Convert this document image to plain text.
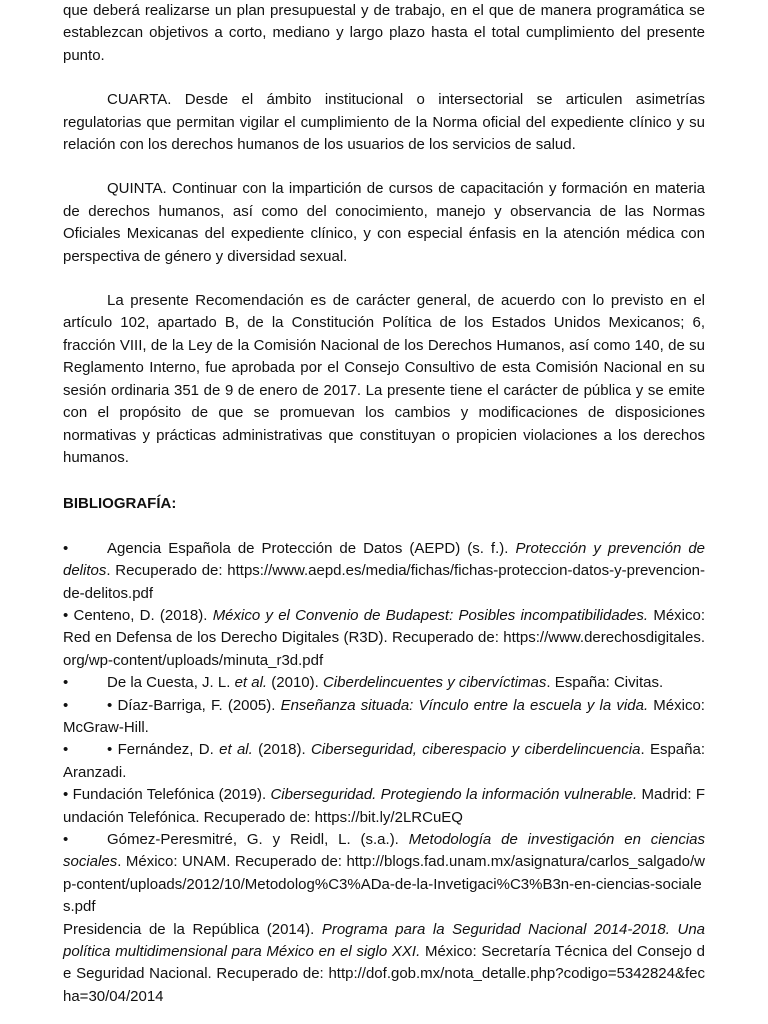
que deberá realizarse un plan presupuestal y de trabajo, en el que de manera programática se establezcan objetivos a corto, mediano y largo plazo hasta el total cumplimiento del presente punto.

CUARTA. Desde el ámbito institucional o intersectorial se articulen asimetrías regulatorias que permitan vigilar el cumplimiento de la Norma oficial del expediente clínico y su relación con los derechos humanos de los usuarios de los servicios de salud.

QUINTA. Continuar con la impartición de cursos de capacitación y formación en materia de derechos humanos, así como del conocimiento, manejo y observancia de las Normas Oficiales Mexicanas del expediente clínico, y con especial énfasis en la atención médica con perspectiva de género y diversidad sexual.

La presente Recomendación es de carácter general, de acuerdo con lo previsto en el artículo 102, apartado B, de la Constitución Política de los Estados Unidos Mexicanos; 6, fracción VIII, de la Ley de la Comisión Nacional de los Derechos Humanos, así como 140, de su Reglamento Interno, fue aprobada por el Consejo Consultivo de esta Comisión Nacional en su sesión ordinaria 351 de 9 de enero de 2017. La presente tiene el carácter de pública y se emite con el propósito de que se promuevan los cambios y modificaciones de disposiciones normativas y prácticas administrativas que constituyan o propicien violaciones a los derechos humanos.

BIBLIOGRAFÍA:

•	Agencia Española de Protección de Datos (AEPD) (s. f.). Protección y prevención de delitos. Recuperado de: https://www.aepd.es/media/fichas/fichas-proteccion-datos-y-prevencion-de-delitos.pdf

• Centeno, D. (2018). México y el Convenio de Budapest: Posibles incompatibilidades. México: Red en Defensa de los Derecho Digitales (R3D). Recuperado de: https://www.derechosdigitales.org/wp-content/uploads/minuta_r3d.pdf

•	De la Cuesta, J. L. et al. (2010). Ciberdelincuentes y cibervíctimas. España: Civitas.

•	• Díaz-Barriga, F. (2005). Enseñanza situada: Vínculo entre la escuela y la vida. México: McGraw-Hill.

•	• Fernández, D. et al. (2018). Ciberseguridad, ciberespacio y ciberdelincuencia. España: Aranzadi.

• Fundación Telefónica (2019). Ciberseguridad. Protegiendo la información vulnerable. Madrid: Fundación Telefónica. Recuperado de: https://bit.ly/2LRCuEQ

•	Gómez-Peresmitré, G. y Reidl, L. (s.a.). Metodología de investigación en ciencias sociales. México: UNAM. Recuperado de: http://blogs.fad.unam.mx/asignatura/carlos_salgado/wp-content/uploads/2012/10/Metodolog%C3%ADa-de-la-Invetigaci%C3%B3n-en-ciencias-sociales.pdf

Presidencia de la República (2014). Programa para la Seguridad Nacional 2014-2018. Una política multidimensional para México en el siglo XXI. México: Secretaría Técnica del Consejo de Seguridad Nacional. Recuperado de: http://dof.gob.mx/nota_detalle.php?codigo=5342824&fecha=30/04/2014
